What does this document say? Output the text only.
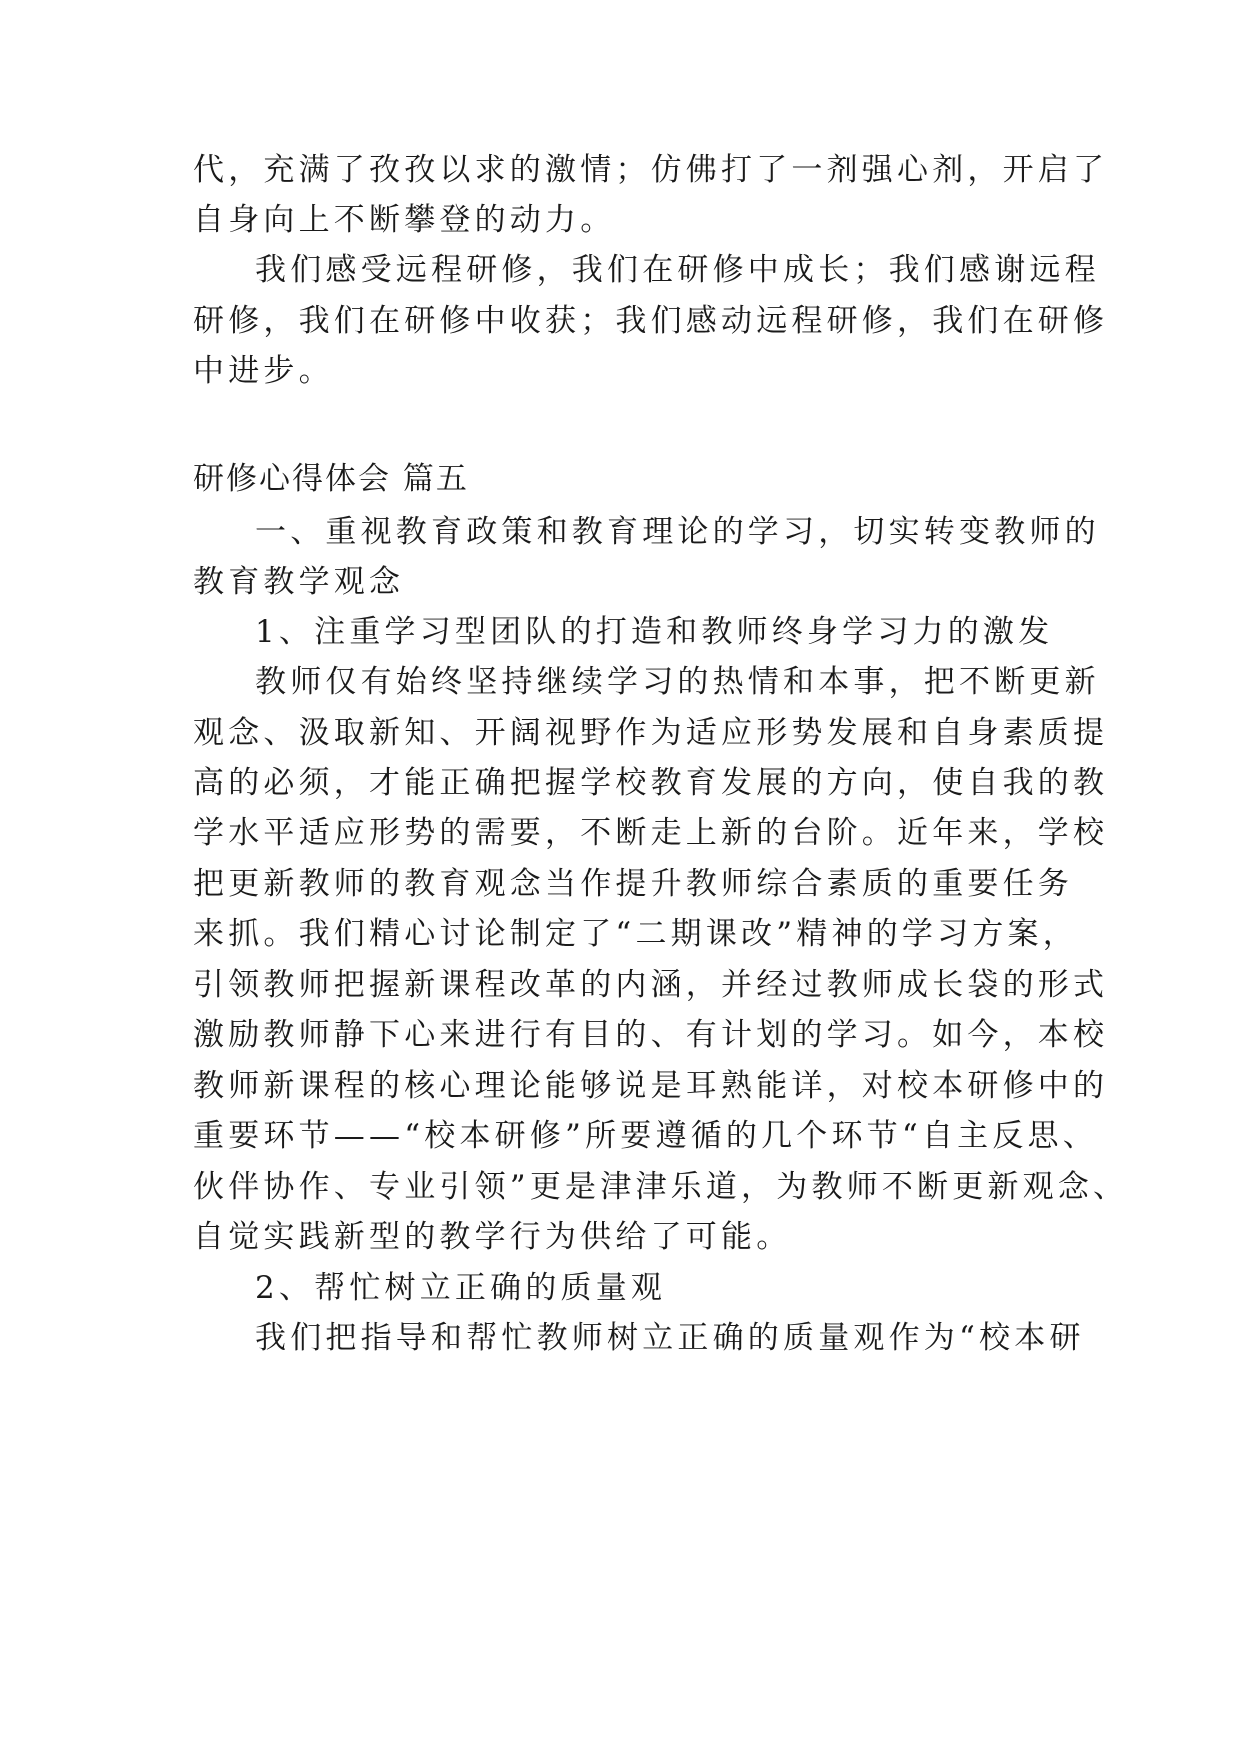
代，充满了孜孜以求的激情；仿佛打了一剂强心剂，开启了
自身向上不断攀登的动力。
我们感受远程研修，我们在研修中成长；我们感谢远程
研修，我们在研修中收获；我们感动远程研修，我们在研修
中进步。
研修心得体会 篇五
一、重视教育政策和教育理论的学习，切实转变教师的
教育教学观念
1、注重学习型团队的打造和教师终身学习力的激发
教师仅有始终坚持继续学习的热情和本事，把不断更新
观念、汲取新知、开阔视野作为适应形势发展和自身素质提
高的必须，才能正确把握学校教育发展的方向，使自我的教
学水平适应形势的需要，不断走上新的台阶。近年来，学校
把更新教师的教育观念当作提升教师综合素质的重要任务
来抓。我们精心讨论制定了“二期课改”精神的学习方案，
引领教师把握新课程改革的内涵，并经过教师成长袋的形式
激励教师静下心来进行有目的、有计划的学习。如今，本校
教师新课程的核心理论能够说是耳熟能详，对校本研修中的
重要环节——“校本研修”所要遵循的几个环节“自主反思、
伙伴协作、专业引领”更是津津乐道，为教师不断更新观念、
自觉实践新型的教学行为供给了可能。
2、帮忙树立正确的质量观
我们把指导和帮忙教师树立正确的质量观作为“校本研
